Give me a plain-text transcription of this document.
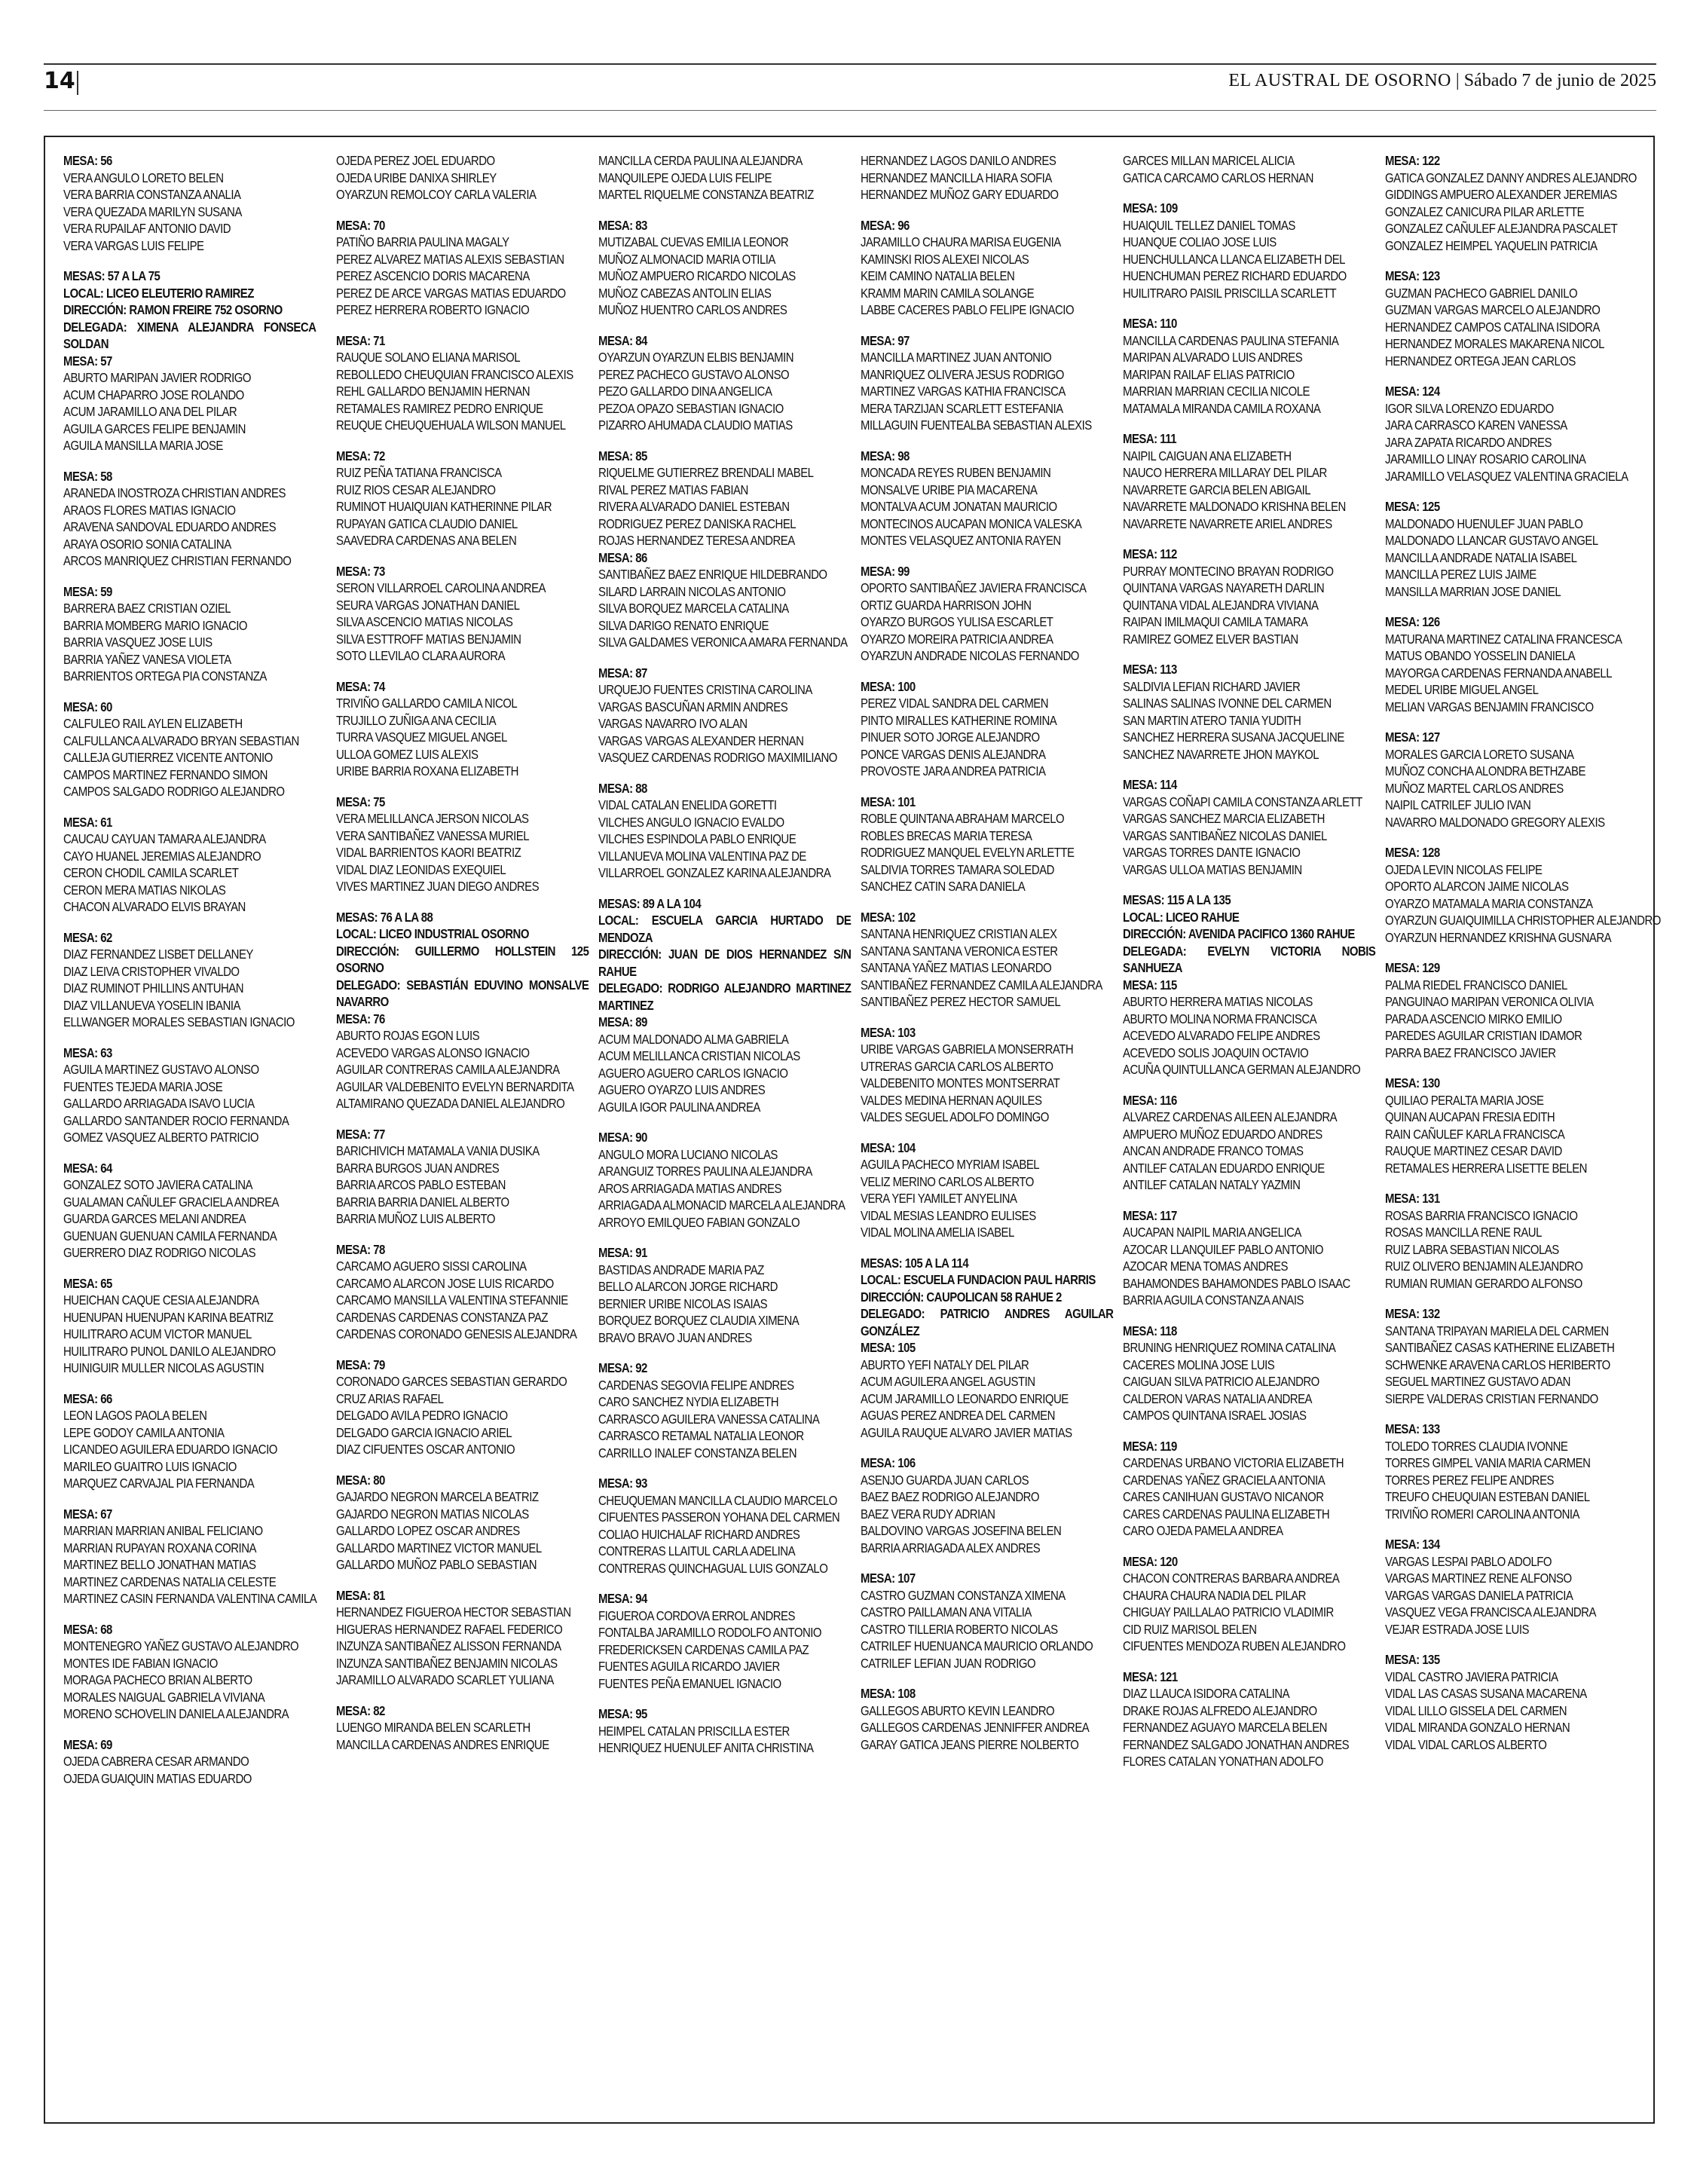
14	EL AUSTRAL DE OSORNO | Sábado 7 de junio de 2025
MESA: 56
VERA ANGULO LORETO BELEN
VERA BARRIA CONSTANZA ANALIA
VERA QUEZADA MARILYN SUSANA
VERA RUPAILAF ANTONIO DAVID
VERA VARGAS LUIS FELIPE
MESAS: 57 A LA 75
LOCAL: LICEO ELEUTERIO RAMIREZ
DIRECCIÓN: RAMON FREIRE 752 OSORNO
DELEGADA: XIMENA ALEJANDRA FONSECA SOLDAN
MESA: 57
ABURTO MARIPAN JAVIER RODRIGO
ACUM CHAPARRO JOSE ROLANDO
ACUM JARAMILLO ANA DEL PILAR
AGUILA GARCES FELIPE BENJAMIN
AGUILA MANSILLA MARIA JOSE
MESA: 58
ARANEDA INOSTROZA CHRISTIAN ANDRES
ARAOS FLORES MATIAS IGNACIO
ARAVENA SANDOVAL EDUARDO ANDRES
ARAYA OSORIO SONIA CATALINA
ARCOS MANRIQUEZ CHRISTIAN FERNANDO
MESA: 59
BARRERA BAEZ CRISTIAN OZIEL
BARRIA MOMBERG MARIO IGNACIO
BARRIA VASQUEZ JOSE LUIS
BARRIA YAÑEZ VANESA VIOLETA
BARRIENTOS ORTEGA PIA CONSTANZA
MESA: 60
CALFULEO RAIL AYLEN ELIZABETH
CALFULLANCA ALVARADO BRYAN SEBASTIAN
CALLEJA GUTIERREZ VICENTE ANTONIO
CAMPOS MARTINEZ FERNANDO SIMON
CAMPOS SALGADO RODRIGO ALEJANDRO
MESA: 61
CAUCAU CAYUAN TAMARA ALEJANDRA
CAYO HUANEL JEREMIAS ALEJANDRO
CERON CHODIL CAMILA SCARLET
CERON MERA MATIAS NIKOLAS
CHACON ALVARADO ELVIS BRAYAN
MESA: 62
DIAZ FERNANDEZ LISBET DELLANEY
DIAZ LEIVA CRISTOPHER VIVALDO
DIAZ RUMINOT PHILLINS ANTUHAN
DIAZ VILLANUEVA YOSELIN IBANIA
ELLWANGER MORALES SEBASTIAN IGNACIO
MESA: 63
AGUILA MARTINEZ GUSTAVO ALONSO
FUENTES TEJEDA MARIA JOSE
GALLARDO ARRIAGADA ISAVO LUCIA
GALLARDO SANTANDER ROCIO FERNANDA
GOMEZ VASQUEZ ALBERTO PATRICIO
MESA: 64
GONZALEZ SOTO JAVIERA CATALINA
GUALAMAN CAÑULEF GRACIELA ANDREA
GUARDA GARCES MELANI ANDREA
GUENUAN GUENUAN CAMILA FERNANDA
GUERRERO DIAZ RODRIGO NICOLAS
MESA: 65
HUEICHAN CAQUE CESIA ALEJANDRA
HUENUPAN HUENUPAN KARINA BEATRIZ
HUILITRARO ACUM VICTOR MANUEL
HUILITRARO PUNOL DANILO ALEJANDRO
HUINIGUIR MULLER NICOLAS AGUSTIN
MESA: 66
LEON LAGOS PAOLA BELEN
LEPE GODOY CAMILA ANTONIA
LICANDEO AGUILERA EDUARDO IGNACIO
MARILEO GUAITRO LUIS IGNACIO
MARQUEZ CARVAJAL PIA FERNANDA
MESA: 67
MARRIAN MARRIAN ANIBAL FELICIANO
MARRIAN RUPAYAN ROXANA CORINA
MARTINEZ BELLO JONATHAN MATIAS
MARTINEZ CARDENAS NATALIA CELESTE
MARTINEZ CASIN FERNANDA VALENTINA CAMILA
MESA: 68
MONTENEGRO YAÑEZ GUSTAVO ALEJANDRO
MONTES IDE FABIAN IGNACIO
MORAGA PACHECO BRIAN ALBERTO
MORALES NAIGUAL GABRIELA VIVIANA
MORENO SCHOVELIN DANIELA ALEJANDRA
MESA: 69
OJEDA CABRERA CESAR ARMANDO
OJEDA GUAIQUIN MATIAS EDUARDO
OJEDA PEREZ JOEL EDUARDO
OJEDA URIBE DANIXA SHIRLEY
OYARZUN REMOLCOY CARLA VALERIA
MESA: 70
PATIÑO BARRIA PAULINA MAGALY
PEREZ ALVAREZ MATIAS ALEXIS SEBASTIAN
PEREZ ASCENCIO DORIS MACARENA
PEREZ DE ARCE VARGAS MATIAS EDUARDO
PEREZ HERRERA ROBERTO IGNACIO
MESA: 71
RAUQUE SOLANO ELIANA MARISOL
REBOLLEDO CHEUQUIAN FRANCISCO ALEXIS
REHL GALLARDO BENJAMIN HERNAN
RETAMALES RAMIREZ PEDRO ENRIQUE
REUQUE CHEUQUEHUALA WILSON MANUEL
MESA: 72
RUIZ PEÑA TATIANA FRANCISCA
RUIZ RIOS CESAR ALEJANDRO
RUMINOT HUAIQUIAN KATHERINNE PILAR
RUPAYAN GATICA CLAUDIO DANIEL
SAAVEDRA CARDENAS ANA BELEN
MESA: 73
SERON VILLARROEL CAROLINA ANDREA
SEURA VARGAS JONATHAN DANIEL
SILVA ASCENCIO MATIAS NICOLAS
SILVA ESTTROFF MATIAS BENJAMIN
SOTO LLEVILAO CLARA AURORA
MESA: 74
TRIVIÑO GALLARDO CAMILA NICOL
TRUJILLO ZUÑIGA ANA CECILIA
TURRA VASQUEZ MIGUEL ANGEL
ULLOA GOMEZ LUIS ALEXIS
URIBE BARRIA ROXANA ELIZABETH
MESA: 75
VERA MELILLANCA JERSON NICOLAS
VERA SANTIBAÑEZ VANESSA MURIEL
VIDAL BARRIENTOS KAORI BEATRIZ
VIDAL DIAZ LEONIDAS EXEQUIEL
VIVES MARTINEZ JUAN DIEGO ANDRES
MESAS: 76 A LA 88
LOCAL: LICEO INDUSTRIAL OSORNO
DIRECCIÓN: GUILLERMO HOLLSTEIN 125 OSORNO
DELEGADO: SEBASTIÁN EDUVINO MONSALVE NAVARRO
MESA: 76
ABURTO ROJAS EGON LUIS
ACEVEDO VARGAS ALONSO IGNACIO
AGUILAR CONTRERAS CAMILA ALEJANDRA
AGUILAR VALDEBENITO EVELYN BERNARDITA
ALTAMIRANO QUEZADA DANIEL ALEJANDRO
MESA: 77
BARICHIVICH MATAMALA VANIA DUSIKA
BARRA BURGOS JUAN ANDRES
BARRIA ARCOS PABLO ESTEBAN
BARRIA BARRIA DANIEL ALBERTO
BARRIA MUÑOZ LUIS ALBERTO
MESA: 78
CARCAMO AGUERO SISSI CAROLINA
CARCAMO ALARCON JOSE LUIS RICARDO
CARCAMO MANSILLA VALENTINA STEFANNIE
CARDENAS CARDENAS CONSTANZA PAZ
CARDENAS CORONADO GENESIS ALEJANDRA
MESA: 79
CORONADO GARCES SEBASTIAN GERARDO
CRUZ ARIAS RAFAEL
DELGADO AVILA PEDRO IGNACIO
DELGADO GARCIA IGNACIO ARIEL
DIAZ CIFUENTES OSCAR ANTONIO
MESA: 80
GAJARDO NEGRON MARCELA BEATRIZ
GAJARDO NEGRON MATIAS NICOLAS
GALLARDO LOPEZ OSCAR ANDRES
GALLARDO MARTINEZ VICTOR MANUEL
GALLARDO MUÑOZ PABLO SEBASTIAN
MESA: 81
HERNANDEZ FIGUEROA HECTOR SEBASTIAN
HIGUERAS HERNANDEZ RAFAEL FEDERICO
INZUNZA SANTIBAÑEZ ALISSON FERNANDA
INZUNZA SANTIBAÑEZ BENJAMIN NICOLAS
JARAMILLO ALVARADO SCARLET YULIANA
MESA: 82
LUENGO MIRANDA BELEN SCARLETH
MANCILLA CARDENAS ANDRES ENRIQUE
MANCILLA CERDA PAULINA ALEJANDRA
MANQUILEPE OJEDA LUIS FELIPE
MARTEL RIQUELME CONSTANZA BEATRIZ
MESA: 83
MUTIZABAL CUEVAS EMILIA LEONOR
MUÑOZ ALMONACID MARIA OTILIA
MUÑOZ AMPUERO RICARDO NICOLAS
MUÑOZ CABEZAS ANTOLIN ELIAS
MUÑOZ HUENTRO CARLOS ANDRES
MESA: 84
OYARZUN OYARZUN ELBIS BENJAMIN
PEREZ PACHECO GUSTAVO ALONSO
PEZO GALLARDO DINA ANGELICA
PEZOA OPAZO SEBASTIAN IGNACIO
PIZARRO AHUMADA CLAUDIO MATIAS
MESA: 85
RIQUELME GUTIERREZ BRENDALI MABEL
RIVAL PEREZ MATIAS FABIAN
RIVERA ALVARADO DANIEL ESTEBAN
RODRIGUEZ PEREZ DANISKA RACHEL
ROJAS HERNANDEZ TERESA ANDREA
MESA: 86
SANTIBAÑEZ BAEZ ENRIQUE HILDEBRANDO
SILARD LARRAIN NICOLAS ANTONIO
SILVA BORQUEZ MARCELA CATALINA
SILVA DARIGO RENATO ENRIQUE
SILVA GALDAMES VERONICA AMARA FERNANDA
MESA: 87
URQUEJO FUENTES CRISTINA CAROLINA
VARGAS BASCUÑAN ARMIN ANDRES
VARGAS NAVARRO IVO ALAN
VARGAS VARGAS ALEXANDER HERNAN
VASQUEZ CARDENAS RODRIGO MAXIMILIANO
MESA: 88
VIDAL CATALAN ENELIDA GORETTI
VILCHES ANGULO IGNACIO EVALDO
VILCHES ESPINDOLA PABLO ENRIQUE
VILLANUEVA MOLINA VALENTINA PAZ DE
VILLARROEL GONZALEZ KARINA ALEJANDRA
MESAS: 89 A LA 104
LOCAL: ESCUELA GARCIA HURTADO DE MENDOZA
DIRECCIÓN: JUAN DE DIOS HERNANDEZ S/N RAHUE
DELEGADO: RODRIGO ALEJANDRO MARTINEZ MARTINEZ
MESA: 89
ACUM MALDONADO ALMA GABRIELA
ACUM MELILLANCA CRISTIAN NICOLAS
AGUERO AGUERO CARLOS IGNACIO
AGUERO OYARZO LUIS ANDRES
AGUILA IGOR PAULINA ANDREA
MESA: 90
ANGULO MORA LUCIANO NICOLAS
ARANGUIZ TORRES PAULINA ALEJANDRA
AROS ARRIAGADA MATIAS ANDRES
ARRIAGADA ALMONACID MARCELA ALEJANDRA
ARROYO EMILQUEO FABIAN GONZALO
MESA: 91
BASTIDAS ANDRADE MARIA PAZ
BELLO ALARCON JORGE RICHARD
BERNIER URIBE NICOLAS ISAIAS
BORQUEZ BORQUEZ CLAUDIA XIMENA
BRAVO BRAVO JUAN ANDRES
MESA: 92
CARDENAS SEGOVIA FELIPE ANDRES
CARO SANCHEZ NYDIA ELIZABETH
CARRASCO AGUILERA VANESSA CATALINA
CARRASCO RETAMAL NATALIA LEONOR
CARRILLO INALEF CONSTANZA BELEN
MESA: 93
CHEUQUEMAN MANCILLA CLAUDIO MARCELO
CIFUENTES PASSERON YOHANA DEL CARMEN
COLIAO HUICHALAF RICHARD ANDRES
CONTRERAS LLAITUL CARLA ADELINA
CONTRERAS QUINCHAGUAL LUIS GONZALO
MESA: 94
FIGUEROA CORDOVA ERROL ANDRES
FONTALBA JARAMILLO RODOLFO ANTONIO
FREDERICKSEN CARDENAS CAMILA PAZ
FUENTES AGUILA RICARDO JAVIER
FUENTES PEÑA EMANUEL IGNACIO
MESA: 95
HEIMPEL CATALAN PRISCILLA ESTER
HENRIQUEZ HUENULEF ANITA CHRISTINA
HERNANDEZ LAGOS DANILO ANDRES
HERNANDEZ MANCILLA HIARA SOFIA
HERNANDEZ MUÑOZ GARY EDUARDO
MESA: 96
JARAMILLO CHAURA MARISA EUGENIA
KAMINSKI RIOS ALEXEI NICOLAS
KEIM CAMINO NATALIA BELEN
KRAMM MARIN CAMILA SOLANGE
LABBE CACERES PABLO FELIPE IGNACIO
MESA: 97
MANCILLA MARTINEZ JUAN ANTONIO
MANRIQUEZ OLIVERA JESUS RODRIGO
MARTINEZ VARGAS KATHIA FRANCISCA
MERA TARZIJAN SCARLETT ESTEFANIA
MILLAGUIN FUENTEALBA SEBASTIAN ALEXIS
MESA: 98
MONCADA REYES RUBEN BENJAMIN
MONSALVE URIBE PIA MACARENA
MONTALVA ACUM JONATAN MAURICIO
MONTECINOS AUCAPAN MONICA VALESKA
MONTES VELASQUEZ ANTONIA RAYEN
MESA: 99
OPORTO SANTIBAÑEZ JAVIERA FRANCISCA
ORTIZ GUARDA HARRISON JOHN
OYARZO BURGOS YULISA ESCARLET
OYARZO MOREIRA PATRICIA ANDREA
OYARZUN ANDRADE NICOLAS FERNANDO
MESA: 100
PEREZ VIDAL SANDRA DEL CARMEN
PINTO MIRALLES KATHERINE ROMINA
PINUER SOTO JORGE ALEJANDRO
PONCE VARGAS DENIS ALEJANDRA
PROVOSTE JARA ANDREA PATRICIA
MESA: 101
ROBLE QUINTANA ABRAHAM MARCELO
ROBLES BRECAS MARIA TERESA
RODRIGUEZ MANQUEL EVELYN ARLETTE
SALDIVIA TORRES TAMARA SOLEDAD
SANCHEZ CATIN SARA DANIELA
MESA: 102
SANTANA HENRIQUEZ CRISTIAN ALEX
SANTANA SANTANA VERONICA ESTER
SANTANA YAÑEZ MATIAS LEONARDO
SANTIBAÑEZ FERNANDEZ CAMILA ALEJANDRA
SANTIBAÑEZ PEREZ HECTOR SAMUEL
MESA: 103
URIBE VARGAS GABRIELA MONSERRATH
UTRERAS GARCIA CARLOS ALBERTO
VALDEBENITO MONTES MONTSERRAT
VALDES MEDINA HERNAN AQUILES
VALDES SEGUEL ADOLFO DOMINGO
MESA: 104
AGUILA PACHECO MYRIAM ISABEL
VELIZ MERINO CARLOS ALBERTO
VERA YEFI YAMILET ANYELINA
VIDAL MESIAS LEANDRO EULISES
VIDAL MOLINA AMELIA ISABEL
MESAS: 105 A LA 114
LOCAL: ESCUELA FUNDACION PAUL HARRIS
DIRECCIÓN: CAUPOLICAN 58 RAHUE 2
DELEGADO: PATRICIO ANDRES AGUILAR GONZÁLEZ
MESA: 105
ABURTO YEFI NATALY DEL PILAR
ACUM AGUILERA ANGEL AGUSTIN
ACUM JARAMILLO LEONARDO ENRIQUE
AGUAS PEREZ ANDREA DEL CARMEN
AGUILA RAUQUE ALVARO JAVIER MATIAS
MESA: 106
ASENJO GUARDA JUAN CARLOS
BAEZ BAEZ RODRIGO ALEJANDRO
BAEZ VERA RUDY ADRIAN
BALDOVINO VARGAS JOSEFINA BELEN
BARRIA ARRIAGADA ALEX ANDRES
MESA: 107
CASTRO GUZMAN CONSTANZA XIMENA
CASTRO PAILLAMAN ANA VITALIA
CASTRO TILLERIA ROBERTO NICOLAS
CATRILEF HUENUANCA MAURICIO ORLANDO
CATRILEF LEFIAN JUAN RODRIGO
MESA: 108
GALLEGOS ABURTO KEVIN LEANDRO
GALLEGOS CARDENAS JENNIFFER ANDREA
GARAY GATICA JEANS PIERRE NOLBERTO
GARCES MILLAN MARICEL ALICIA
GATICA CARCAMO CARLOS HERNAN
MESA: 109
HUAIQUIL TELLEZ DANIEL TOMAS
HUANQUE COLIAO JOSE LUIS
HUENCHULLANCA LLANCA ELIZABETH DEL
HUENCHUMAN PEREZ RICHARD EDUARDO
HUILITRARO PAISIL PRISCILLA SCARLETT
MESA: 110
MANCILLA CARDENAS PAULINA STEFANIA
MARIPAN ALVARADO LUIS ANDRES
MARIPAN RAILAF ELIAS PATRICIO
MARRIAN MARRIAN CECILIA NICOLE
MATAMALA MIRANDA CAMILA ROXANA
MESA: 111
NAIPIL CAIGUAN ANA ELIZABETH
NAUCO HERRERA MILLARAY DEL PILAR
NAVARRETE GARCIA BELEN ABIGAIL
NAVARRETE MALDONADO KRISHNA BELEN
NAVARRETE NAVARRETE ARIEL ANDRES
MESA: 112
PURRAY MONTECINO BRAYAN RODRIGO
QUINTANA VARGAS NAYARETH DARLIN
QUINTANA VIDAL ALEJANDRA VIVIANA
RAIPAN IMILMAQUI CAMILA TAMARA
RAMIREZ GOMEZ ELVER BASTIAN
MESA: 113
SALDIVIA LEFIAN RICHARD JAVIER
SALINAS SALINAS IVONNE DEL CARMEN
SAN MARTIN ATERO TANIA YUDITH
SANCHEZ HERRERA SUSANA JACQUELINE
SANCHEZ NAVARRETE JHON MAYKOL
MESA: 114
VARGAS COÑAPI CAMILA CONSTANZA ARLETT
VARGAS SANCHEZ MARCIA ELIZABETH
VARGAS SANTIBAÑEZ NICOLAS DANIEL
VARGAS TORRES DANTE IGNACIO
VARGAS ULLOA MATIAS BENJAMIN
MESAS: 115 A LA 135
LOCAL: LICEO RAHUE
DIRECCIÓN: AVENIDA PACIFICO 1360 RAHUE
DELEGADA: EVELYN VICTORIA NOBIS SANHUEZA
MESA: 115
ABURTO HERRERA MATIAS NICOLAS
ABURTO MOLINA NORMA FRANCISCA
ACEVEDO ALVARADO FELIPE ANDRES
ACEVEDO SOLIS JOAQUIN OCTAVIO
ACUÑA QUINTULLANCA GERMAN ALEJANDRO
MESA: 116
ALVAREZ CARDENAS AILEEN ALEJANDRA
AMPUERO MUÑOZ EDUARDO ANDRES
ANCAN ANDRADE FRANCO TOMAS
ANTILEF CATALAN EDUARDO ENRIQUE
ANTILEF CATALAN NATALY YAZMIN
MESA: 117
AUCAPAN NAIPIL MARIA ANGELICA
AZOCAR LLANQUILEF PABLO ANTONIO
AZOCAR MENA TOMAS ANDRES
BAHAMONDES BAHAMONDES PABLO ISAAC
BARRIA AGUILA CONSTANZA ANAIS
MESA: 118
BRUNING HENRIQUEZ ROMINA CATALINA
CACERES MOLINA JOSE LUIS
CAIGUAN SILVA PATRICIO ALEJANDRO
CALDERON VARAS NATALIA ANDREA
CAMPOS QUINTANA ISRAEL JOSIAS
MESA: 119
CARDENAS URBANO VICTORIA ELIZABETH
CARDENAS YAÑEZ GRACIELA ANTONIA
CARES CANIHUAN GUSTAVO NICANOR
CARES CARDENAS PAULINA ELIZABETH
CARO OJEDA PAMELA ANDREA
MESA: 120
CHACON CONTRERAS BARBARA ANDREA
CHAURA CHAURA NADIA DEL PILAR
CHIGUAY PAILLALAO PATRICIO VLADIMIR
CID RUIZ MARISOL BELEN
CIFUENTES MENDOZA RUBEN ALEJANDRO
MESA: 121
DIAZ LLAUCA ISIDORA CATALINA
DRAKE ROJAS ALFREDO ALEJANDRO
FERNANDEZ AGUAYO MARCELA BELEN
FERNANDEZ SALGADO JONATHAN ANDRES
FLORES CATALAN YONATHAN ADOLFO
MESA: 122
GATICA GONZALEZ DANNY ANDRES ALEJANDRO
GIDDINGS AMPUERO ALEXANDER JEREMIAS
GONZALEZ CANICURA PILAR ARLETTE
GONZALEZ CAÑULEF ALEJANDRA PASCALET
GONZALEZ HEIMPEL YAQUELIN PATRICIA
MESA: 123
GUZMAN PACHECO GABRIEL DANILO
GUZMAN VARGAS MARCELO ALEJANDRO
HERNANDEZ CAMPOS CATALINA ISIDORA
HERNANDEZ MORALES MAKARENA NICOL
HERNANDEZ ORTEGA JEAN CARLOS
MESA: 124
IGOR SILVA LORENZO EDUARDO
JARA CARRASCO KAREN VANESSA
JARA ZAPATA RICARDO ANDRES
JARAMILLO LINAY ROSARIO CAROLINA
JARAMILLO VELASQUEZ VALENTINA GRACIELA
MESA: 125
MALDONADO HUENULEF JUAN PABLO
MALDONADO LLANCAR GUSTAVO ANGEL
MANCILLA ANDRADE NATALIA ISABEL
MANCILLA PEREZ LUIS JAIME
MANSILLA MARRIAN JOSE DANIEL
MESA: 126
MATURANA MARTINEZ CATALINA FRANCESCA
MATUS OBANDO YOSSELIN DANIELA
MAYORGA CARDENAS FERNANDA ANABELL
MEDEL URIBE MIGUEL ANGEL
MELIAN VARGAS BENJAMIN FRANCISCO
MESA: 127
MORALES GARCIA LORETO SUSANA
MUÑOZ CONCHA ALONDRA BETHZABE
MUÑOZ MARTEL CARLOS ANDRES
NAIPIL CATRILEF JULIO IVAN
NAVARRO MALDONADO GREGORY ALEXIS
MESA: 128
OJEDA LEVIN NICOLAS FELIPE
OPORTO ALARCON JAIME NICOLAS
OYARZO MATAMALA MARIA CONSTANZA
OYARZUN GUAIQUIMILLA CHRISTOPHER ALEJANDRO
OYARZUN HERNANDEZ KRISHNA GUSNARA
MESA: 129
PALMA RIEDEL FRANCISCO DANIEL
PANGUINAO MARIPAN VERONICA OLIVIA
PARADA ASCENCIO MIRKO EMILIO
PAREDES AGUILAR CRISTIAN IDAMOR
PARRA BAEZ FRANCISCO JAVIER
MESA: 130
QUILIAO PERALTA MARIA JOSE
QUINAN AUCAPAN FRESIA EDITH
RAIN CAÑULEF KARLA FRANCISCA
RAUQUE MARTINEZ CESAR DAVID
RETAMALES HERRERA LISETTE BELEN
MESA: 131
ROSAS BARRIA FRANCISCO IGNACIO
ROSAS MANCILLA RENE RAUL
RUIZ LABRA SEBASTIAN NICOLAS
RUIZ OLIVERO BENJAMIN ALEJANDRO
RUMIAN RUMIAN GERARDO ALFONSO
MESA: 132
SANTANA TRIPAYAN MARIELA DEL CARMEN
SANTIBAÑEZ CASAS KATHERINE ELIZABETH
SCHWENKE ARAVENA CARLOS HERIBERTO
SEGUEL MARTINEZ GUSTAVO ADAN
SIERPE VALDERAS CRISTIAN FERNANDO
MESA: 133
TOLEDO TORRES CLAUDIA IVONNE
TORRES GIMPEL VANIA MARIA CARMEN
TORRES PEREZ FELIPE ANDRES
TREUFO CHEUQUIAN ESTEBAN DANIEL
TRIVIÑO ROMERI CAROLINA ANTONIA
MESA: 134
VARGAS LESPAI PABLO ADOLFO
VARGAS MARTINEZ RENE ALFONSO
VARGAS VARGAS DANIELA PATRICIA
VASQUEZ VEGA FRANCISCA ALEJANDRA
VEJAR ESTRADA JOSE LUIS
MESA: 135
VIDAL CASTRO JAVIERA PATRICIA
VIDAL LAS CASAS SUSANA MACARENA
VIDAL LILLO GISSELA DEL CARMEN
VIDAL MIRANDA GONZALO HERNAN
VIDAL VIDAL CARLOS ALBERTO
